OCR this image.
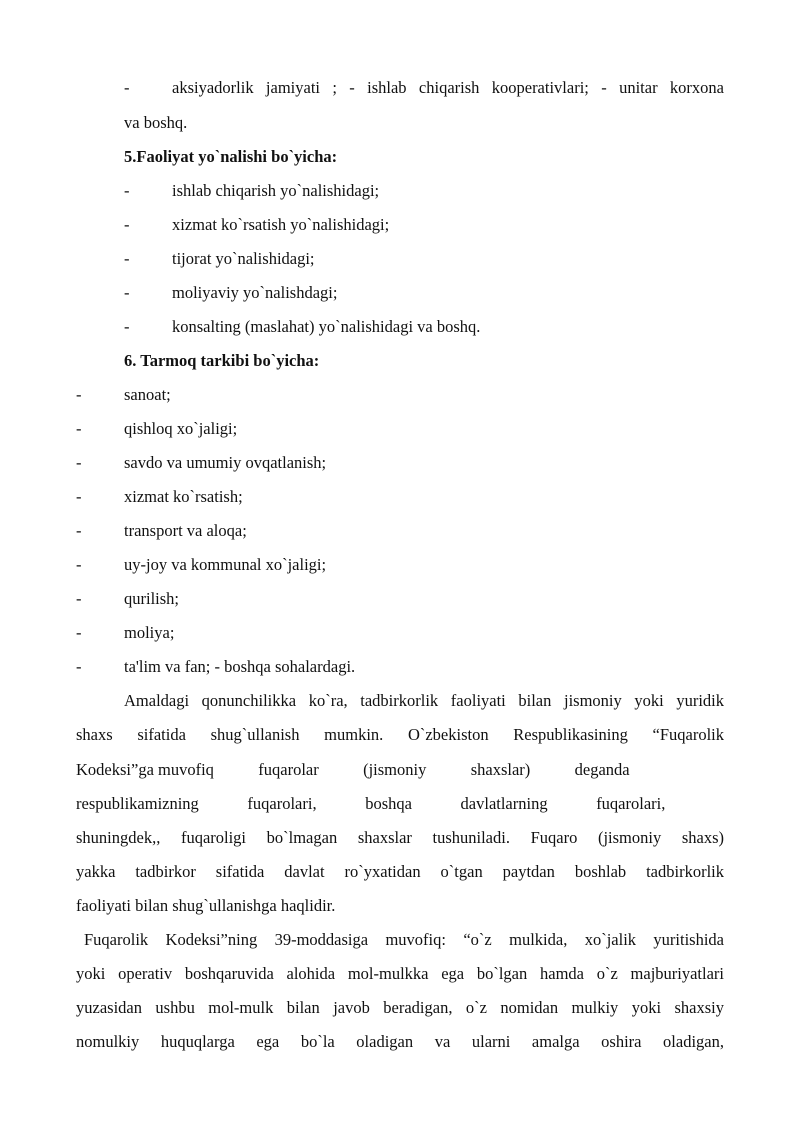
-	aksiyadorlik jamiyati ; - ishlab chiqarish kooperativlari; - unitar korxona
va boshq.
5.Faoliyat yo`nalishi bo`yicha:
-	ishlab chiqarish yo`nalishidagi;
-	xizmat ko`rsatish yo`nalishidagi;
-	tijorat yo`nalishidagi;
-	moliyaviy yo`nalishdagi;
-	konsalting (maslahat) yo`nalishidagi va boshq.
6. Tarmoq tarkibi bo`yicha:
-	sanoat;
-	qishloq xo`jaligi;
-	savdo va umumiy ovqatlanish;
-	xizmat ko`rsatish;
-	transport va aloqa;
-	uy-joy va kommunal xo`jaligi;
-	qurilish;
-	moliya;
-	ta'lim va fan; - boshqa sohalardagi.
Amaldagi qonunchilikka ko`ra, tadbirkorlik faoliyati bilan jismoniy yoki yuridik
shaxs sifatida shug`ullanish mumkin. O`zbekiston Respublikasining “Fuqarolik
Kodeksi”ga muvofiq	fuqarolar	(jismoniy	shaxslar)	deganda
respublikamizning	fuqarolari,	boshqa	davlatlarning	fuqarolari,
shuningdek,, fuqaroligi bo`lmagan shaxslar tushuniladi. Fuqaro (jismoniy shaxs)
yakka tadbirkor sifatida davlat ro`yxatidan o`tgan paytdan boshlab tadbirkorlik
faoliyati bilan shug`ullanishga haqlidir.
Fuqarolik Kodeksi”ning 39-moddasiga muvofiq: “o`z mulkida, xo`jalik yuritishida
yoki operativ boshqaruvida alohida mol-mulkka ega bo`lgan hamda o`z majburiyatlari
yuzasidan ushbu mol-mulk bilan javob beradigan, o`z nomidan mulkiy yoki shaxsiy
nomulkiy huquqlarga ega bo`la oladigan va ularni amalga oshira oladigan,
